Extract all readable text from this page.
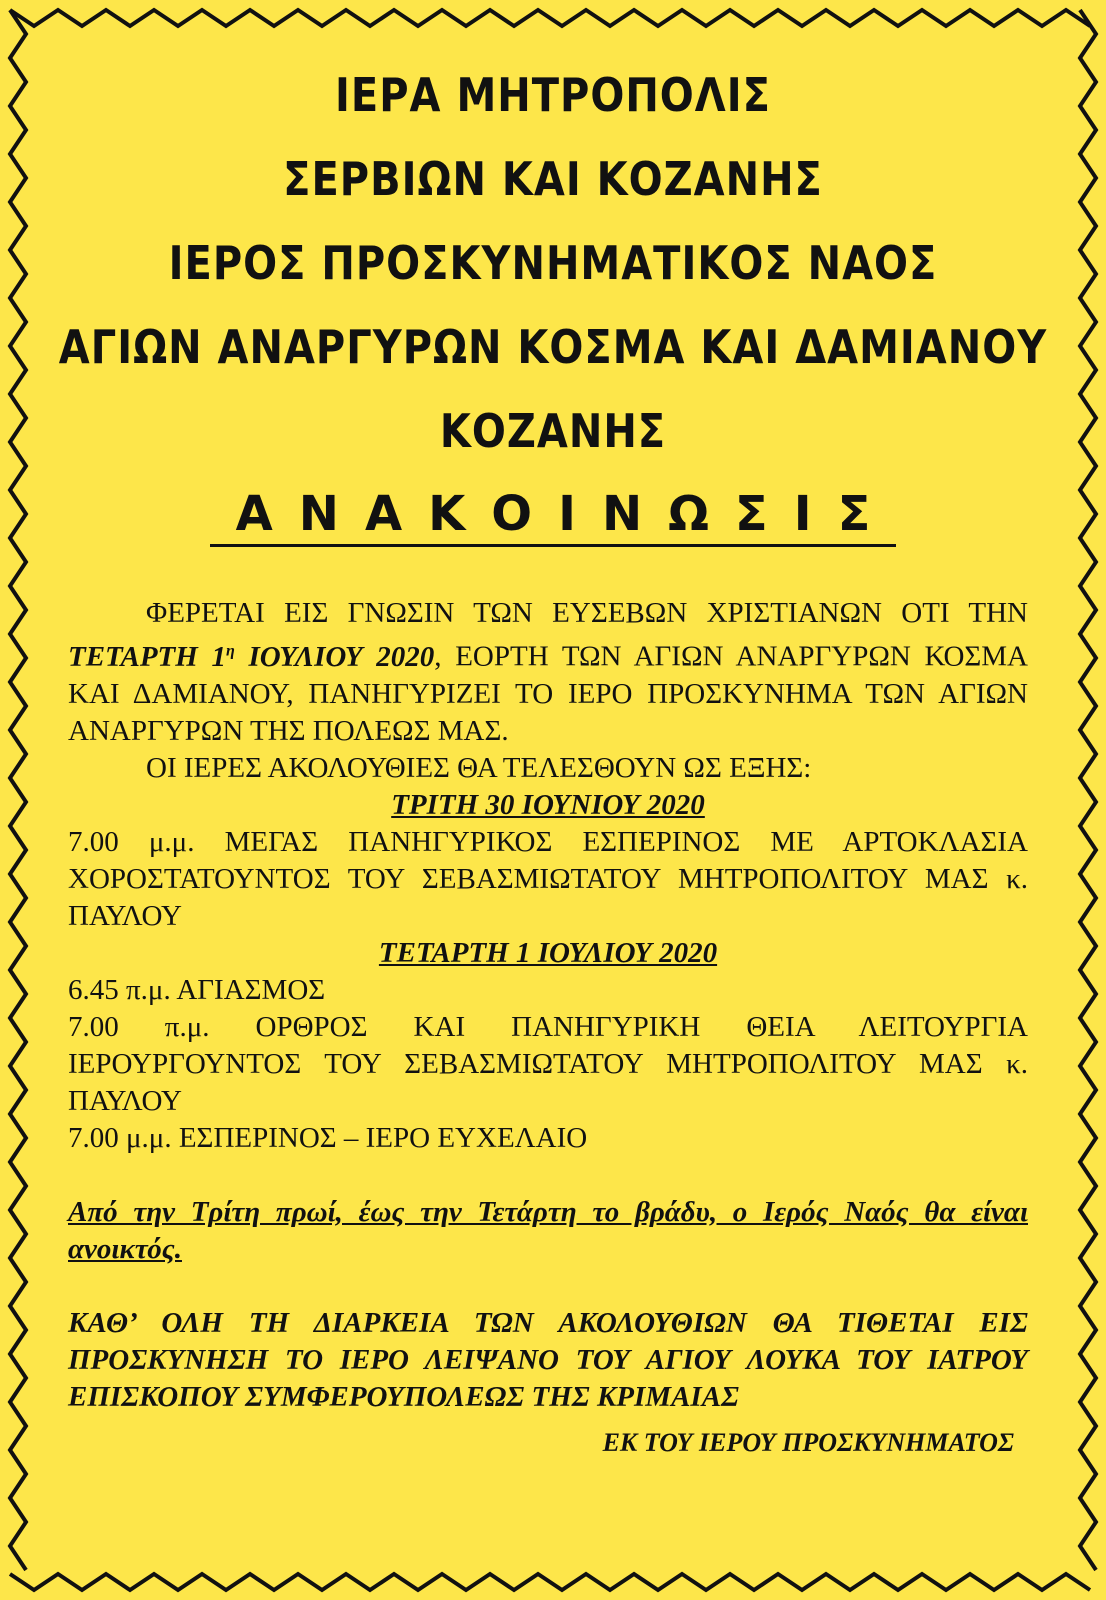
ΙΕΡΑ ΜΗΤΡΟΠΟΛΙΣ
ΣΕΡΒΙΩΝ ΚΑΙ ΚΟΖΑΝΗΣ
ΙΕΡΟΣ ΠΡΟΣΚΥΝΗΜΑΤΙΚΟΣ ΝΑΟΣ
ΑΓΙΩΝ ΑΝΑΡΓΥΡΩΝ ΚΟΣΜΑ ΚΑΙ ΔΑΜΙΑΝΟΥ
ΚΟΖΑΝΗΣ
ΑΝΑΚΟΙΝΩΣΙΣ

ΦΕΡΕΤΑΙ ΕΙΣ ΓΝΩΣΙΝ ΤΩΝ ΕΥΣΕΒΩΝ ΧΡΙΣΤΙΑΝΩΝ ΟΤΙ ΤΗΝ ΤΕΤΑΡΤΗ $1^\eta$ ΙΟΥΛΙΟΥ 2020, ΕΟΡΤΗ ΤΩΝ ΑΓΙΩΝ ΑΝΑΡΓΥΡΩΝ ΚΟΣΜΑ ΚΑΙ ΔΑΜΙΑΝΟΥ, ΠΑΝΗΓΥΡΙΖΕΙ ΤΟ ΙΕΡΟ ΠΡΟΣΚΥΝΗΜΑ ΤΩΝ ΑΓΙΩΝ ΑΝΑΡΓΥΡΩΝ ΤΗΣ ΠΟΛΕΩΣ ΜΑΣ.

ΟΙ ΙΕΡΕΣ ΑΚΟΛΟΥΘΙΕΣ ΘΑ ΤΕΛΕΣΘΟΥΝ ΩΣ ΕΞΗΣ:

ΤΡΙΤΗ 30 ΙΟΥΝΙΟΥ 2020

7.00 μ.μ. ΜΕΓΑΣ ΠΑΝΗΓΥΡΙΚΟΣ ΕΣΠΕΡΙΝΟΣ ΜΕ ΑΡΤΟΚΛΑΣΙΑ ΧΟΡΟΣΤΑΤΟΥΝΤΟΣ ΤΟΥ ΣΕΒΑΣΜΙΩΤΑΤΟΥ ΜΗΤΡΟΠΟΛΙΤΟΥ ΜΑΣ κ. ΠΑΥΛΟΥ

ΤΕΤΑΡΤΗ 1 ΙΟΥΛΙΟΥ 2020

6.45 π.μ. ΑΓΙΑΣΜΟΣ

7.00 π.μ. ΟΡΘΡΟΣ ΚΑΙ ΠΑΝΗΓΥΡΙΚΗ ΘΕΙΑ ΛΕΙΤΟΥΡΓΙΑ ΙΕΡΟΥΡΓΟΥΝΤΟΣ ΤΟΥ ΣΕΒΑΣΜΙΩΤΑΤΟΥ ΜΗΤΡΟΠΟΛΙΤΟΥ ΜΑΣ κ. ΠΑΥΛΟΥ

7.00 μ.μ. ΕΣΠΕΡΙΝΟΣ – ΙΕΡΟ ΕΥΧΕΛΑΙΟ

Από την Τρίτη πρωί, έως την Τετάρτη το βράδυ, ο Ιερός Ναός θα είναι ανοικτός.

ΚΑΘ’ ΟΛΗ ΤΗ ΔΙΑΡΚΕΙΑ ΤΩΝ ΑΚΟΛΟΥΘΙΩΝ ΘΑ ΤΙΘΕΤΑΙ ΕΙΣ ΠΡΟΣΚΥΝΗΣΗ ΤΟ ΙΕΡΟ ΛΕΙΨΑΝΟ ΤΟΥ ΑΓΙΟΥ ΛΟΥΚΑ ΤΟΥ ΙΑΤΡΟΥ ΕΠΙΣΚΟΠΟΥ ΣΥΜΦΕΡΟΥΠΟΛΕΩΣ ΤΗΣ ΚΡΙΜΑΙΑΣ

ΕΚ ΤΟΥ ΙΕΡΟΥ ΠΡΟΣΚΥΝΗΜΑΤΟΣ
